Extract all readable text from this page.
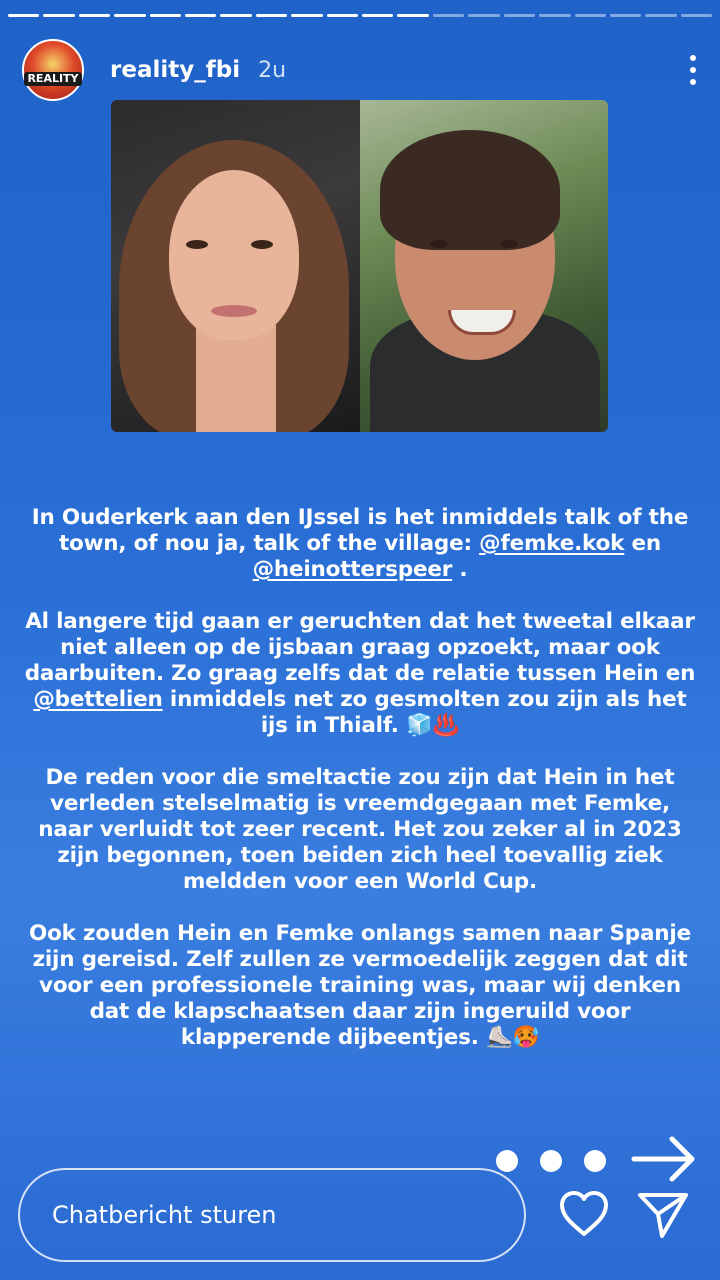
REALITY reality_fbi 2u

In Ouderkerk aan den IJssel is het inmiddels talk of the town, of nou ja, talk of the village: @femke.kok en @heinotterspeer .

Al langere tijd gaan er geruchten dat het tweetal elkaar niet alleen op de ijsbaan graag opzoekt, maar ook daarbuiten. Zo graag zelfs dat de relatie tussen Hein en @bettelien inmiddels net zo gesmolten zou zijn als het ijs in Thialf. 🧊♨️

De reden voor die smeltactie zou zijn dat Hein in het verleden stelselmatig is vreemdgegaan met Femke, naar verluidt tot zeer recent. Het zou zeker al in 2023 zijn begonnen, toen beiden zich heel toevallig ziek meldden voor een World Cup.

Ook zouden Hein en Femke onlangs samen naar Spanje zijn gereisd. Zelf zullen ze vermoedelijk zeggen dat dit voor een professionele training was, maar wij denken dat de klapschaatsen daar zijn ingeruild voor klapperende dijbeentjes. ⛸️🥵

Chatbericht sturen
